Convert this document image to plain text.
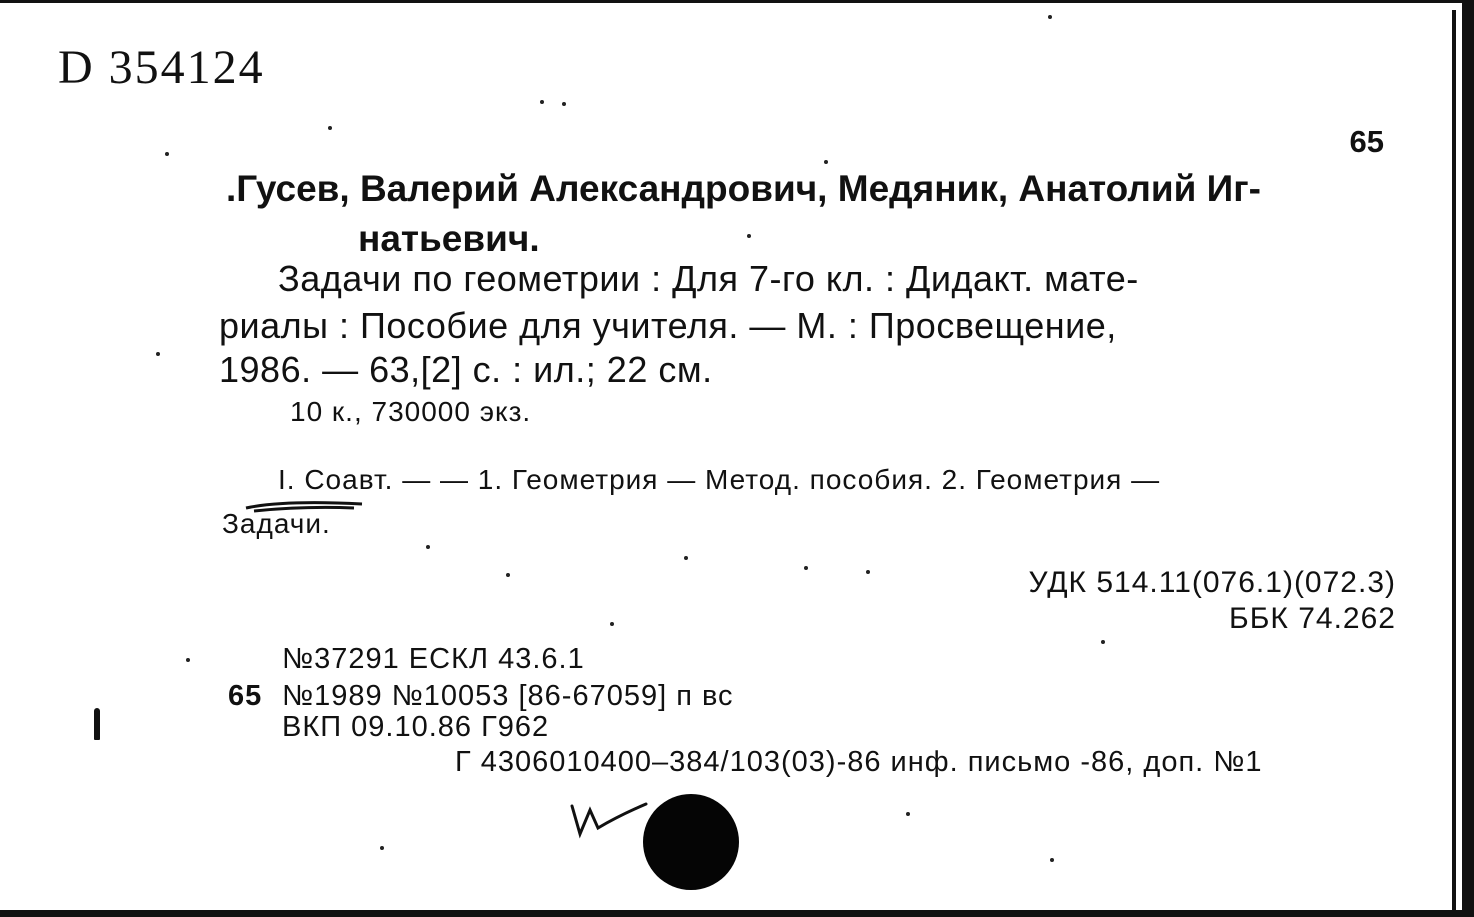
D 354124
65
.Гусев, Валерий Александрович, Медяник, Анатолий Иг-
натьевич.
Задачи по геометрии : Для 7-го кл. : Дидакт. мате-
риалы : Пособие для учителя. — М. : Просвещение,
1986. — 63,[2] с. : ил.; 22 см.
10 к., 730000 экз.
I. Соавт. — — 1. Геометрия — Метод. пособия. 2. Геометрия —
Задачи.
УДК 514.11(076.1)(072.3)
ББК 74.262
№37291 ЕСКЛ 43.6.1
65 №1989 №10053 [86-67059] п вс
ВКП 09.10.86 Г962
Г 4306010400–384/103(03)-86 инф. письмо -86, доп. №1
